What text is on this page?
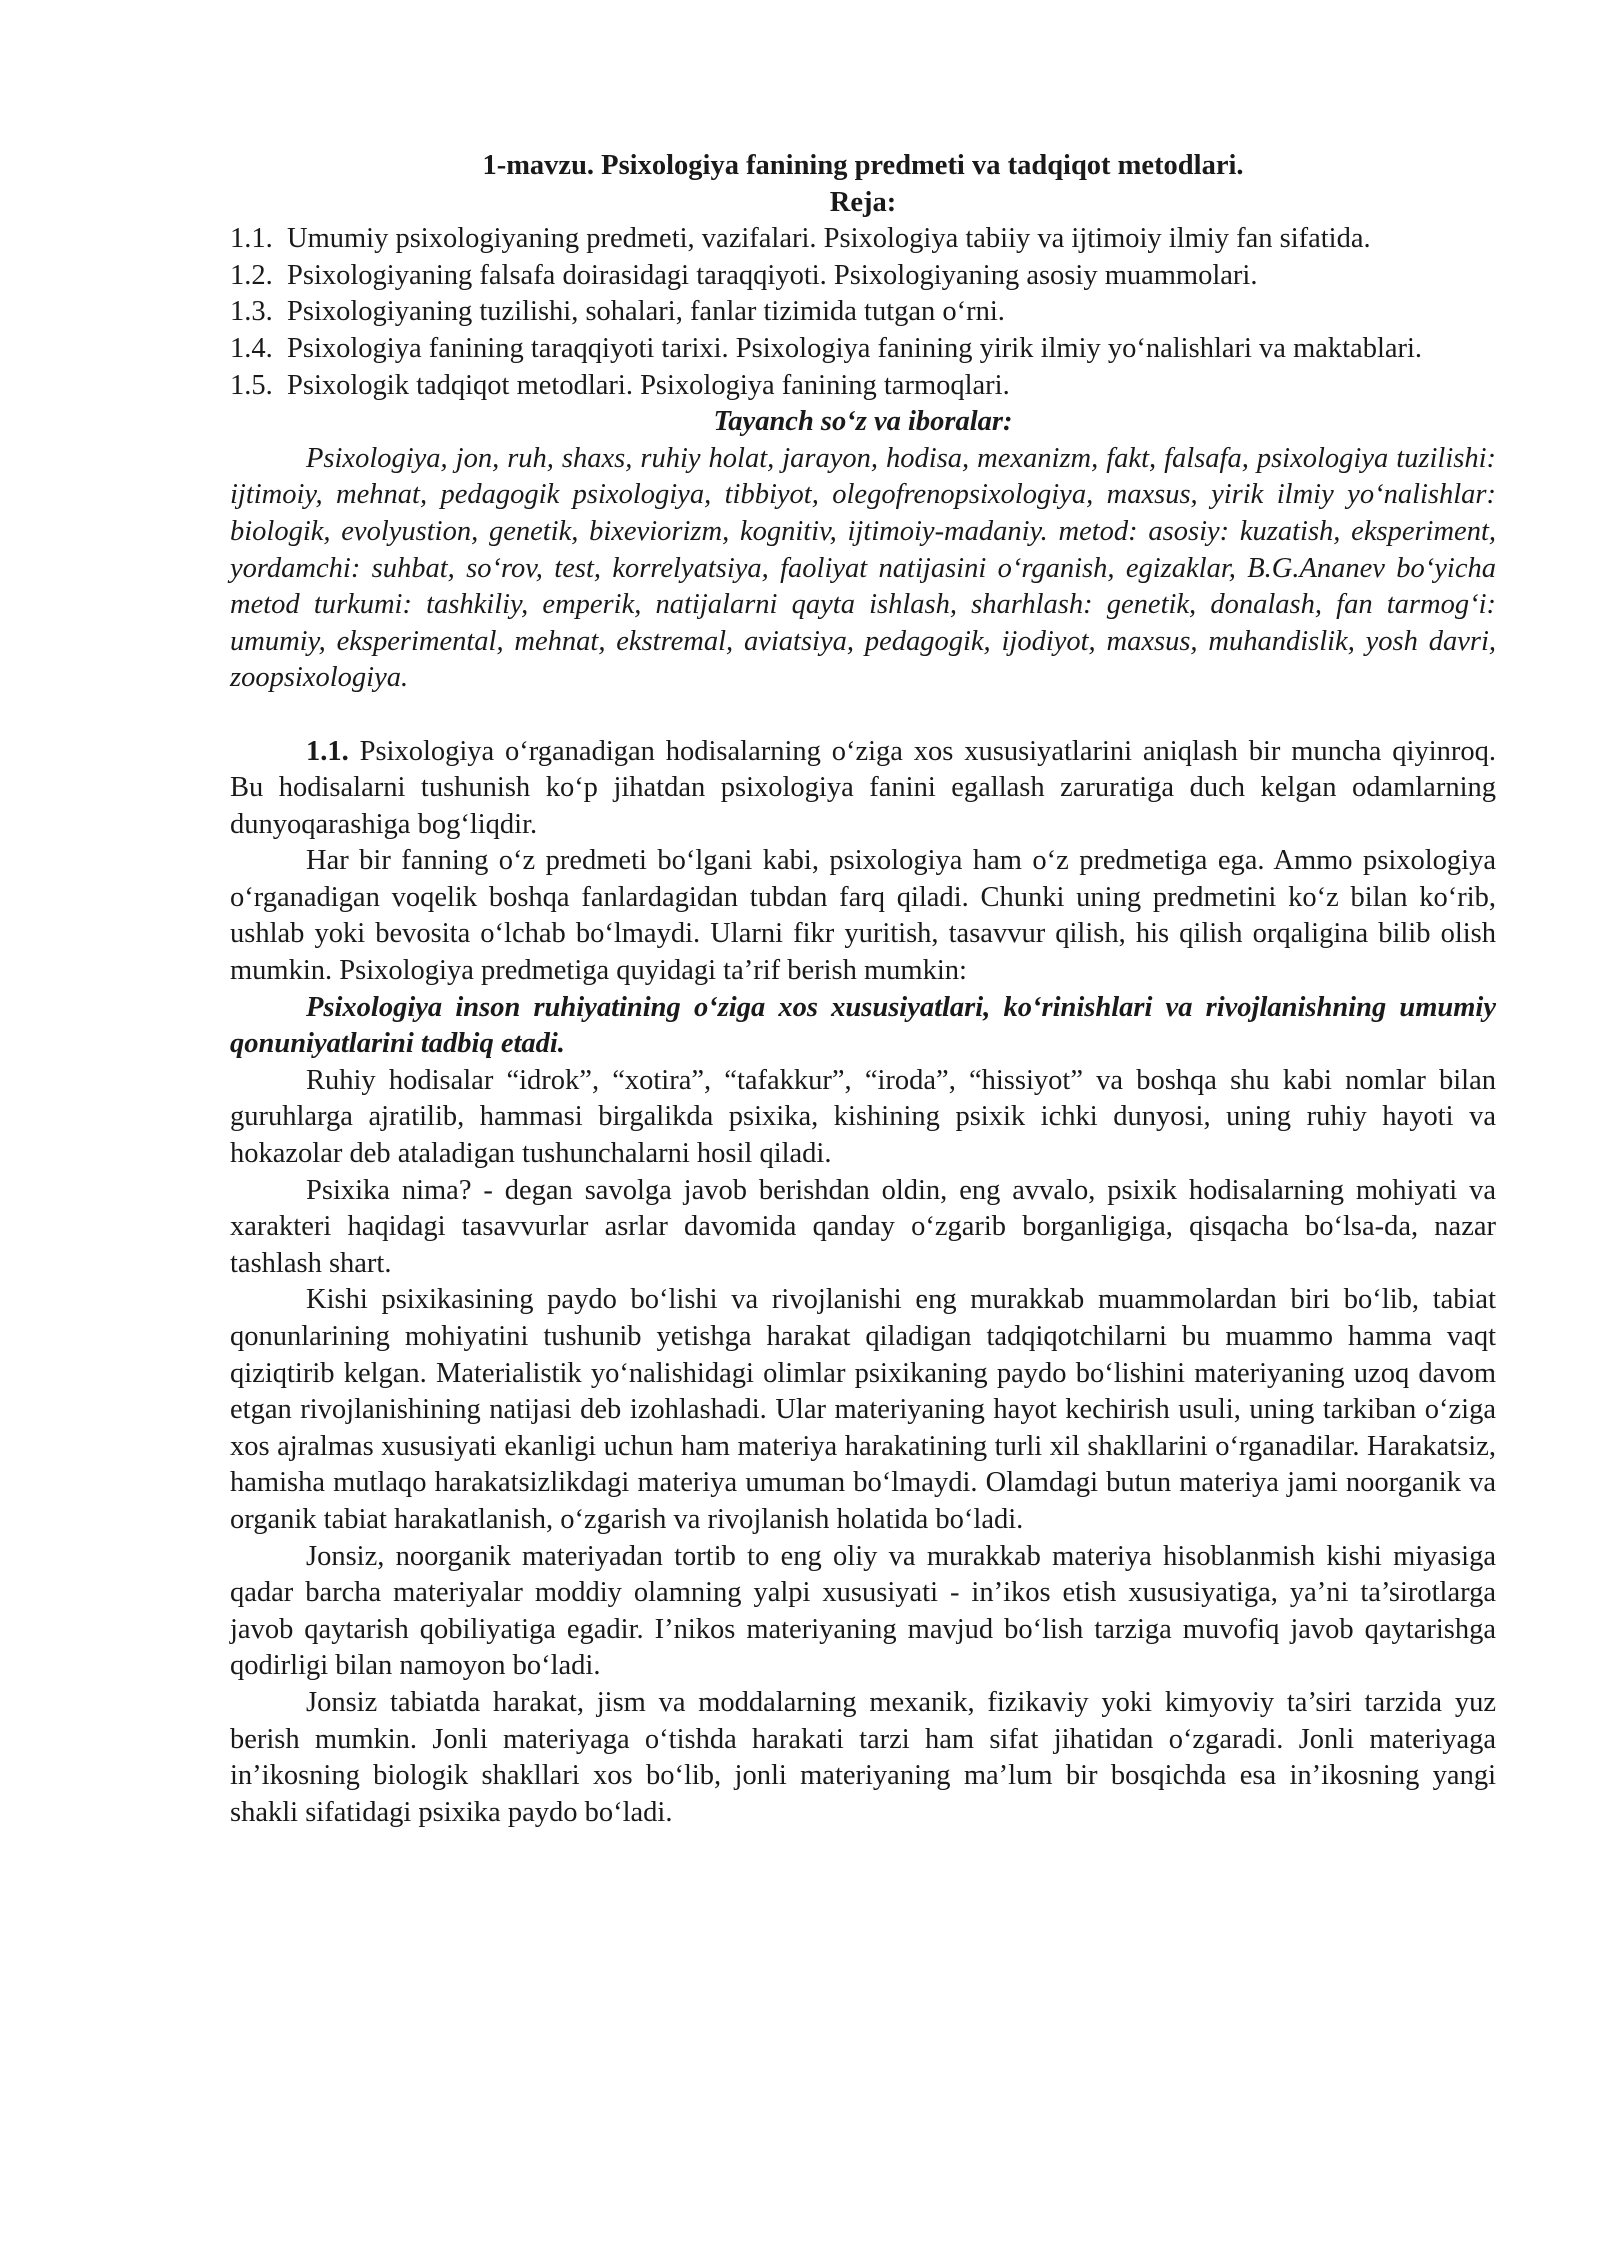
1-mavzu. Psixologiya fanining predmeti va tadqiqot metodlari.
Reja:
1.1. Umumiy psixologiyaning predmeti, vazifalari. Psixologiya tabiiy va ijtimoiy ilmiy fan sifatida.
1.2. Psixologiyaning falsafa doirasidagi taraqqiyoti. Psixologiyaning asosiy muammolari.
1.3. Psixologiyaning tuzilishi, sohalari, fanlar tizimida tutgan oʻrni.
1.4. Psixologiya fanining taraqqiyoti tarixi. Psixologiya fanining yirik ilmiy yoʻnalishlari va maktablari.
1.5. Psixologik tadqiqot metodlari. Psixologiya fanining tarmoqlari.
Tayanch soʻz va iboralar:

Psixologiya, jon, ruh, shaxs, ruhiy holat, jarayon, hodisa, mexanizm, fakt, falsafa, psixologiya tuzilishi: ijtimoiy, mehnat, pedagogik psixologiya, tibbiyot, olegofrenopsixologiya, maxsus, yirik ilmiy yoʻnalishlar: biologik, evolyustion, genetik, bixeviorizm, kognitiv, ijtimoiy-madaniy. metod: asosiy: kuzatish, eksperiment, yordamchi: suhbat, soʻrov, test, korrelyatsiya, faoliyat natijasini oʻrganish, egizaklar, B.G.Ananev boʻyicha metod turkumi: tashkiliy, emperik, natijalarni qayta ishlash, sharhlash: genetik, donalash, fan tarmogʻi: umumiy, eksperimental, mehnat, ekstremal, aviatsiya, pedagogik, ijodiyot, maxsus, muhandislik, yosh davri, zoopsixologiya.

1.1. Psixologiya oʻrganadigan hodisalarning oʻziga xos xususiyatlarini aniqlash bir muncha qiyinroq. Bu hodisalarni tushunish koʻp jihatdan psixologiya fanini egallash zaruratiga duch kelgan odamlarning dunyoqarashiga bogʻliqdir.

Har bir fanning oʻz predmeti boʻlgani kabi, psixologiya ham oʻz predmetiga ega. Ammo psixologiya oʻrganadigan voqelik boshqa fanlardagidan tubdan farq qiladi. Chunki uning predmetini koʻz bilan koʻrib, ushlab yoki bevosita oʻlchab boʻlmaydi. Ularni fikr yuritish, tasavvur qilish, his qilish orqaligina bilib olish mumkin. Psixologiya predmetiga quyidagi ta’rif berish mumkin:

Psixologiya inson ruhiyatining oʻziga xos xususiyatlari, koʻrinishlari va rivojlanishning umumiy qonuniyatlarini tadbiq etadi.

Ruhiy hodisalar “idrok”, “xotira”, “tafakkur”, “iroda”, “hissiyot” va boshqa shu kabi nomlar bilan guruhlarga ajratilib, hammasi birgalikda psixika, kishining psixik ichki dunyosi, uning ruhiy hayoti va hokazolar deb ataladigan tushunchalarni hosil qiladi.

Psixika nima? - degan savolga javob berishdan oldin, eng avvalo, psixik hodisalarning mohiyati va xarakteri haqidagi tasavvurlar asrlar davomida qanday oʻzgarib borganligiga, qisqacha boʻlsa-da, nazar tashlash shart.

Kishi psixikasining paydo boʻlishi va rivojlanishi eng murakkab muammolardan biri boʻlib, tabiat qonunlarining mohiyatini tushunib yetishga harakat qiladigan tadqiqotchilarni bu muammo hamma vaqt qiziqtirib kelgan. Materialistik yoʻnalishidagi olimlar psixikaning paydo boʻlishini materiyaning uzoq davom etgan rivojlanishining natijasi deb izohlashadi. Ular materiyaning hayot kechirish usuli, uning tarkiban oʻziga xos ajralmas xususiyati ekanligi uchun ham materiya harakatining turli xil shakllarini oʻrganadilar. Harakatsiz, hamisha mutlaqo harakatsizlikdagi materiya umuman boʻlmaydi. Olamdagi butun materiya jami noorganik va organik tabiat harakatlanish, oʻzgarish va rivojlanish holatida boʻladi.

Jonsiz, noorganik materiyadan tortib to eng oliy va murakkab materiya hisoblanmish kishi miyasiga qadar barcha materiyalar moddiy olamning yalpi xususiyati - in’ikos etish xususiyatiga, ya’ni ta’sirotlarga javob qaytarish qobiliyatiga egadir. I’nikos materiyaning mavjud boʻlish tarziga muvofiq javob qaytarishga qodirligi bilan namoyon boʻladi.

Jonsiz tabiatda harakat, jism va moddalarning mexanik, fizikaviy yoki kimyoviy ta’siri tarzida yuz berish mumkin. Jonli materiyaga oʻtishda harakati tarzi ham sifat jihatidan oʻzgaradi. Jonli materiyaga in’ikosning biologik shakllari xos boʻlib, jonli materiyaning ma’lum bir bosqichda esa in’ikosning yangi shakli sifatidagi psixika paydo boʻladi.
